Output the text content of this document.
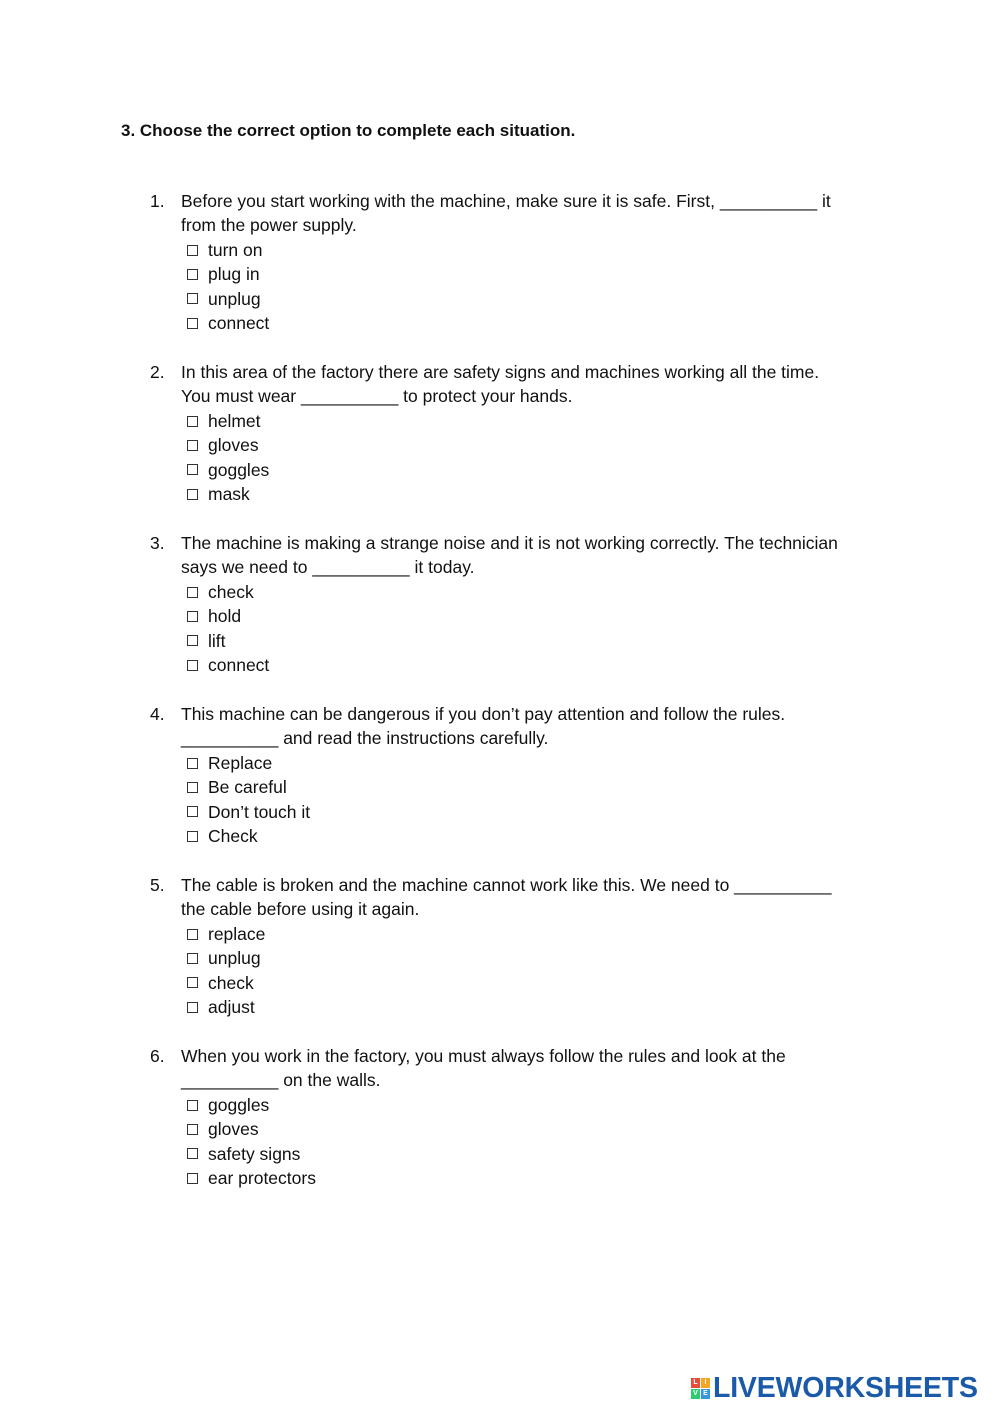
3. Choose the correct option to complete each situation.
1. Before you start working with the machine, make sure it is safe. First, __________ it
from the power supply.

turn on
plug in
unplug
connect
2. In this area of the factory there are safety signs and machines working all the time.
You must wear __________ to protect your hands.

helmet
gloves
goggles
mask
3. The machine is making a strange noise and it is not working correctly. The technician
says we need to __________ it today.

check
hold
lift
connect
4. This machine can be dangerous if you don’t pay attention and follow the rules.
__________ and read the instructions carefully.

Replace
Be careful
Don’t touch it
Check
5. The cable is broken and the machine cannot work like this. We need to __________
the cable before using it again.

replace
unplug
check
adjust
6. When you work in the factory, you must always follow the rules and look at the
__________ on the walls.

goggles
gloves
safety signs
ear protectors
L I
V E LIVEWORKSHEETS
